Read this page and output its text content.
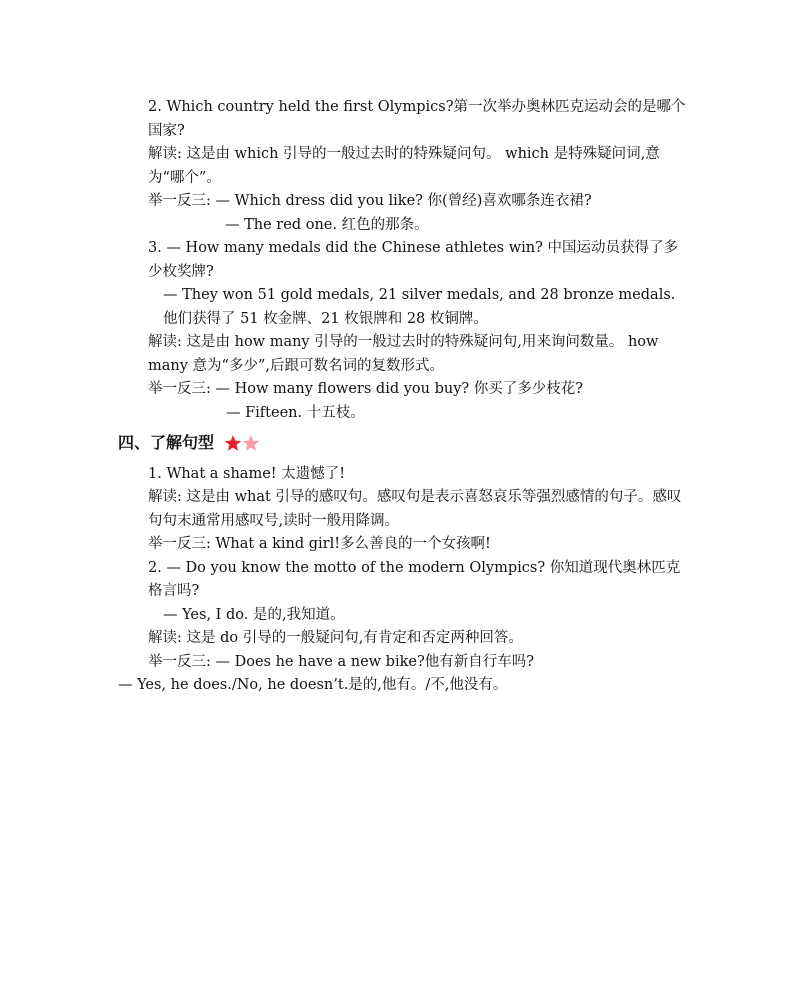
2. Which country held the first Olympics?第一次举办奥林匹克运动会的是哪个国家?

解读: 这是由 which 引导的一般过去时的特殊疑问句。 which 是特殊疑问词,意为“哪个”。

举一反三: — Which dress did you like? 你(曾经)喜欢哪条连衣裙?

— The red one. 红色的那条。

3. — How many medals did the Chinese athletes win? 中国运动员获得了多少枚奖牌?

— They won 51 gold medals, 21 silver medals, and 28 bronze medals.他们获得了 51 枚金牌、21 枚银牌和 28 枚铜牌。

解读: 这是由 how many 引导的一般过去时的特殊疑问句,用来询问数量。 how many 意为“多少”,后跟可数名词的复数形式。

举一反三: — How many flowers did you buy? 你买了多少枝花?

— Fifteen. 十五枝。

四、了解句型

1. What a shame! 太遗憾了!

解读: 这是由 what 引导的感叹句。感叹句是表示喜怒哀乐等强烈感情的句子。感叹句句末通常用感叹号,读时一般用降调。

举一反三: What a kind girl!多么善良的一个女孩啊!

2. — Do you know the motto of the modern Olympics? 你知道现代奥林匹克格言吗?

— Yes, I do. 是的,我知道。

解读: 这是 do 引导的一般疑问句,有肯定和否定两种回答。

举一反三: — Does he have a new bike?他有新自行车吗?

— Yes, he does./No, he doesn’t.是的,他有。/不,他没有。
